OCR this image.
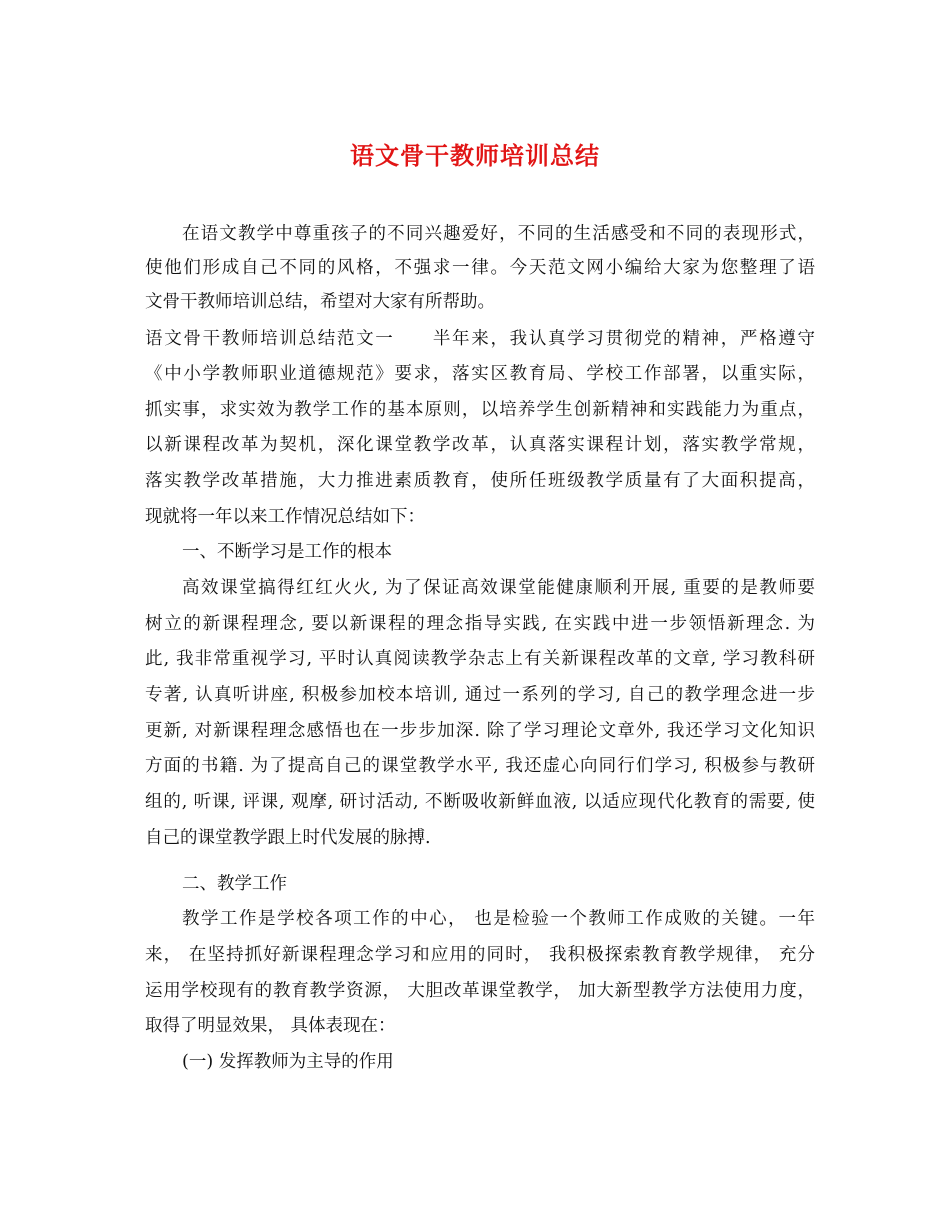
语文骨干教师培训总结
在语文教学中尊重孩子的不同兴趣爱好，不同的生活感受和不同的表现形式，
使他们形成自己不同的风格，不强求一律。今天范文网小编给大家为您整理了语
文骨干教师培训总结，希望对大家有所帮助。
语文骨干教师培训总结范文一　　半年来，我认真学习贯彻党的精神，严格遵守
《中小学教师职业道德规范》要求，落实区教育局、学校工作部署，以重实际，
抓实事，求实效为教学工作的基本原则，以培养学生创新精神和实践能力为重点，
以新课程改革为契机，深化课堂教学改革，认真落实课程计划，落实教学常规，
落实教学改革措施，大力推进素质教育，使所任班级教学质量有了大面积提高，
现就将一年以来工作情况总结如下：
一、不断学习是工作的根本
高效课堂搞得红红火火, 为了保证高效课堂能健康顺利开展, 重要的是教师要
树立的新课程理念, 要以新课程的理念指导实践, 在实践中进一步领悟新理念. 为
此, 我非常重视学习, 平时认真阅读教学杂志上有关新课程改革的文章, 学习教科研
专著, 认真听讲座, 积极参加校本培训, 通过一系列的学习, 自己的教学理念进一步
更新, 对新课程理念感悟也在一步步加深. 除了学习理论文章外, 我还学习文化知识
方面的书籍. 为了提高自己的课堂教学水平, 我还虚心向同行们学习, 积极参与教研
组的, 听课, 评课, 观摩, 研讨活动, 不断吸收新鲜血液, 以适应现代化教育的需要, 使
自己的课堂教学跟上时代发展的脉搏.
二、教学工作
教学工作是学校各项工作的中心， 也是检验一个教师工作成败的关键。一年
来， 在坚持抓好新课程理念学习和应用的同时， 我积极探索教育教学规律， 充分
运用学校现有的教育教学资源， 大胆改革课堂教学， 加大新型教学方法使用力度，
取得了明显效果， 具体表现在：
(一) 发挥教师为主导的作用
